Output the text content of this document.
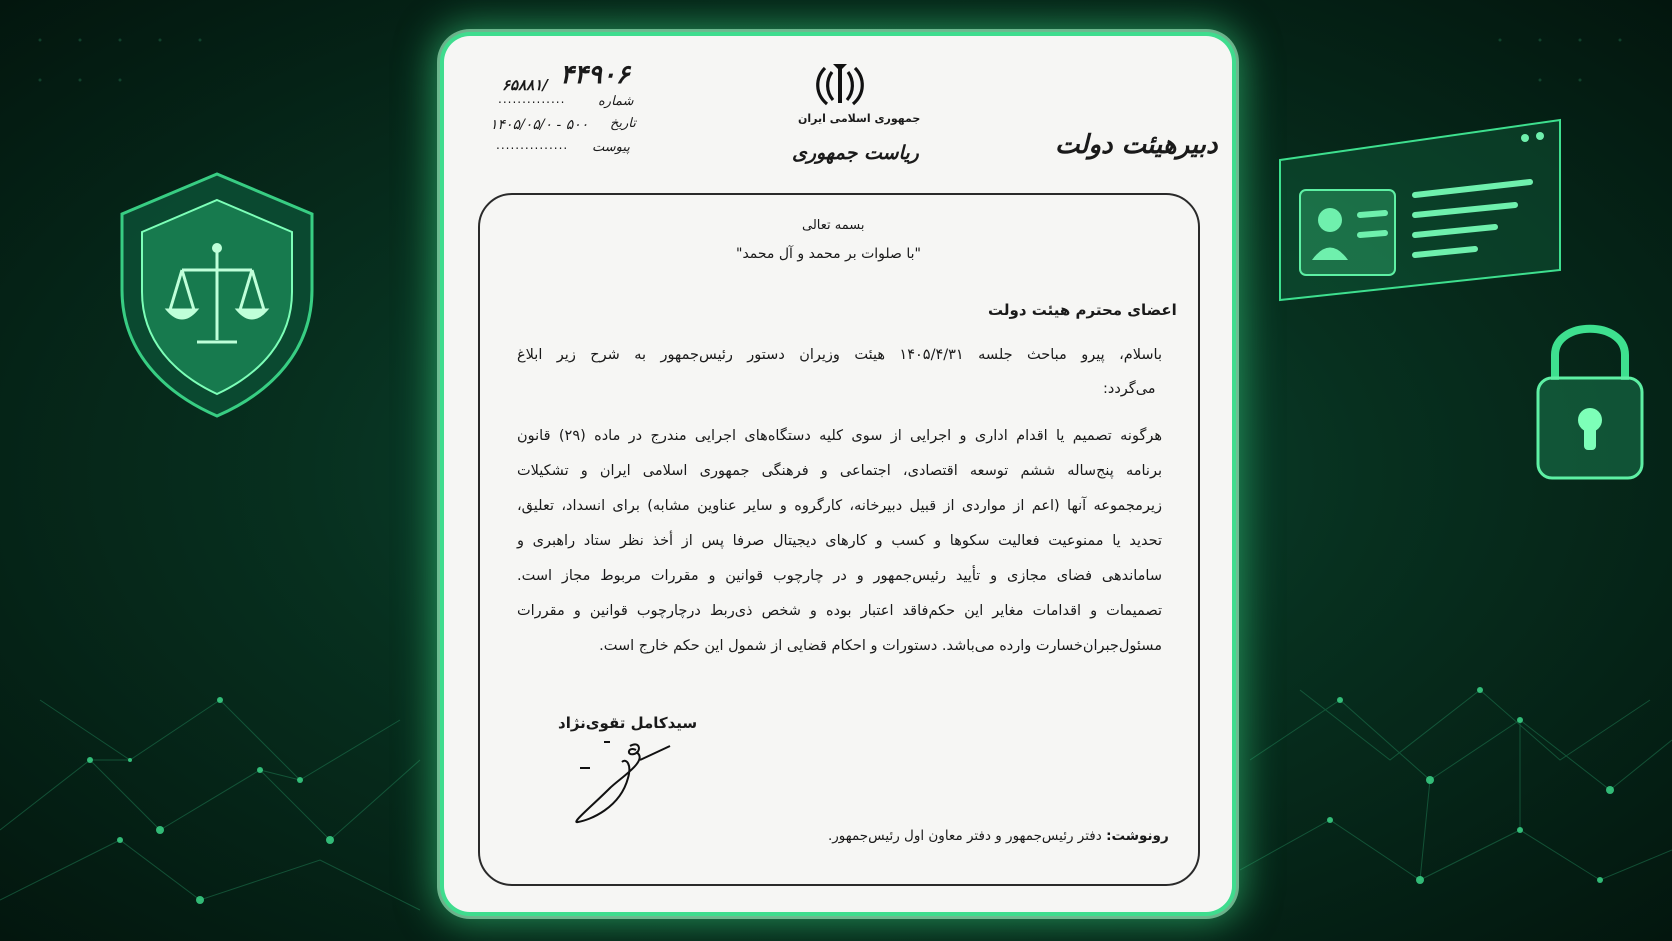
۴۴۹۰۶
۶۵۸۸۱/
شماره
..............
تاریخ
۱۴۰۵/۰۵/۰ - ۵۰۰
پیوست
...............
جمهوری اسلامی ایران
ریاست جمهوری	دبیرهیئت دولت
بسمه تعالی
"با صلوات بر محمد و آل محمد"
اعضای محترم هیئت دولت
باسلام، پیرو مباحث جلسه ۱۴۰۵/۴/۳۱ هیئت وزیران دستور رئیس‌جمهور به شرح زیر ابلاغ
می‌گردد:
هرگونه تصمیم یا اقدام اداری و اجرایی از سوی کلیه دستگاه‌های اجرایی مندرج در ماده (۲۹) قانون
برنامه پنج‌ساله ششم توسعه اقتصادی، اجتماعی و فرهنگی جمهوری اسلامی ایران و تشکیلات
زیرمجموعه آنها (اعم از مواردی از قبیل دبیرخانه، کارگروه و سایر عناوین مشابه) برای انسداد، تعلیق،
تحدید یا ممنوعیت فعالیت سکوها و کسب و کارهای دیجیتال صرفا پس از أخذ نظر ستاد راهبری و
ساماندهی فضای مجازی و تأیید رئیس‌جمهور و در چارچوب قوانین و مقررات مربوط مجاز است.
تصمیمات و اقدامات مغایر این حکم‌فاقد اعتبار بوده و شخص ذی‌ربط درچارچوب قوانین و مقررات
مسئول‌جبران‌خسارت وارده می‌باشد. دستورات و احکام قضایی از شمول این حکم خارج است.
سیدکامل تقوی‌نژاد
رونوشت: دفتر رئیس‌جمهور و دفتر معاون اول رئیس‌جمهور.
